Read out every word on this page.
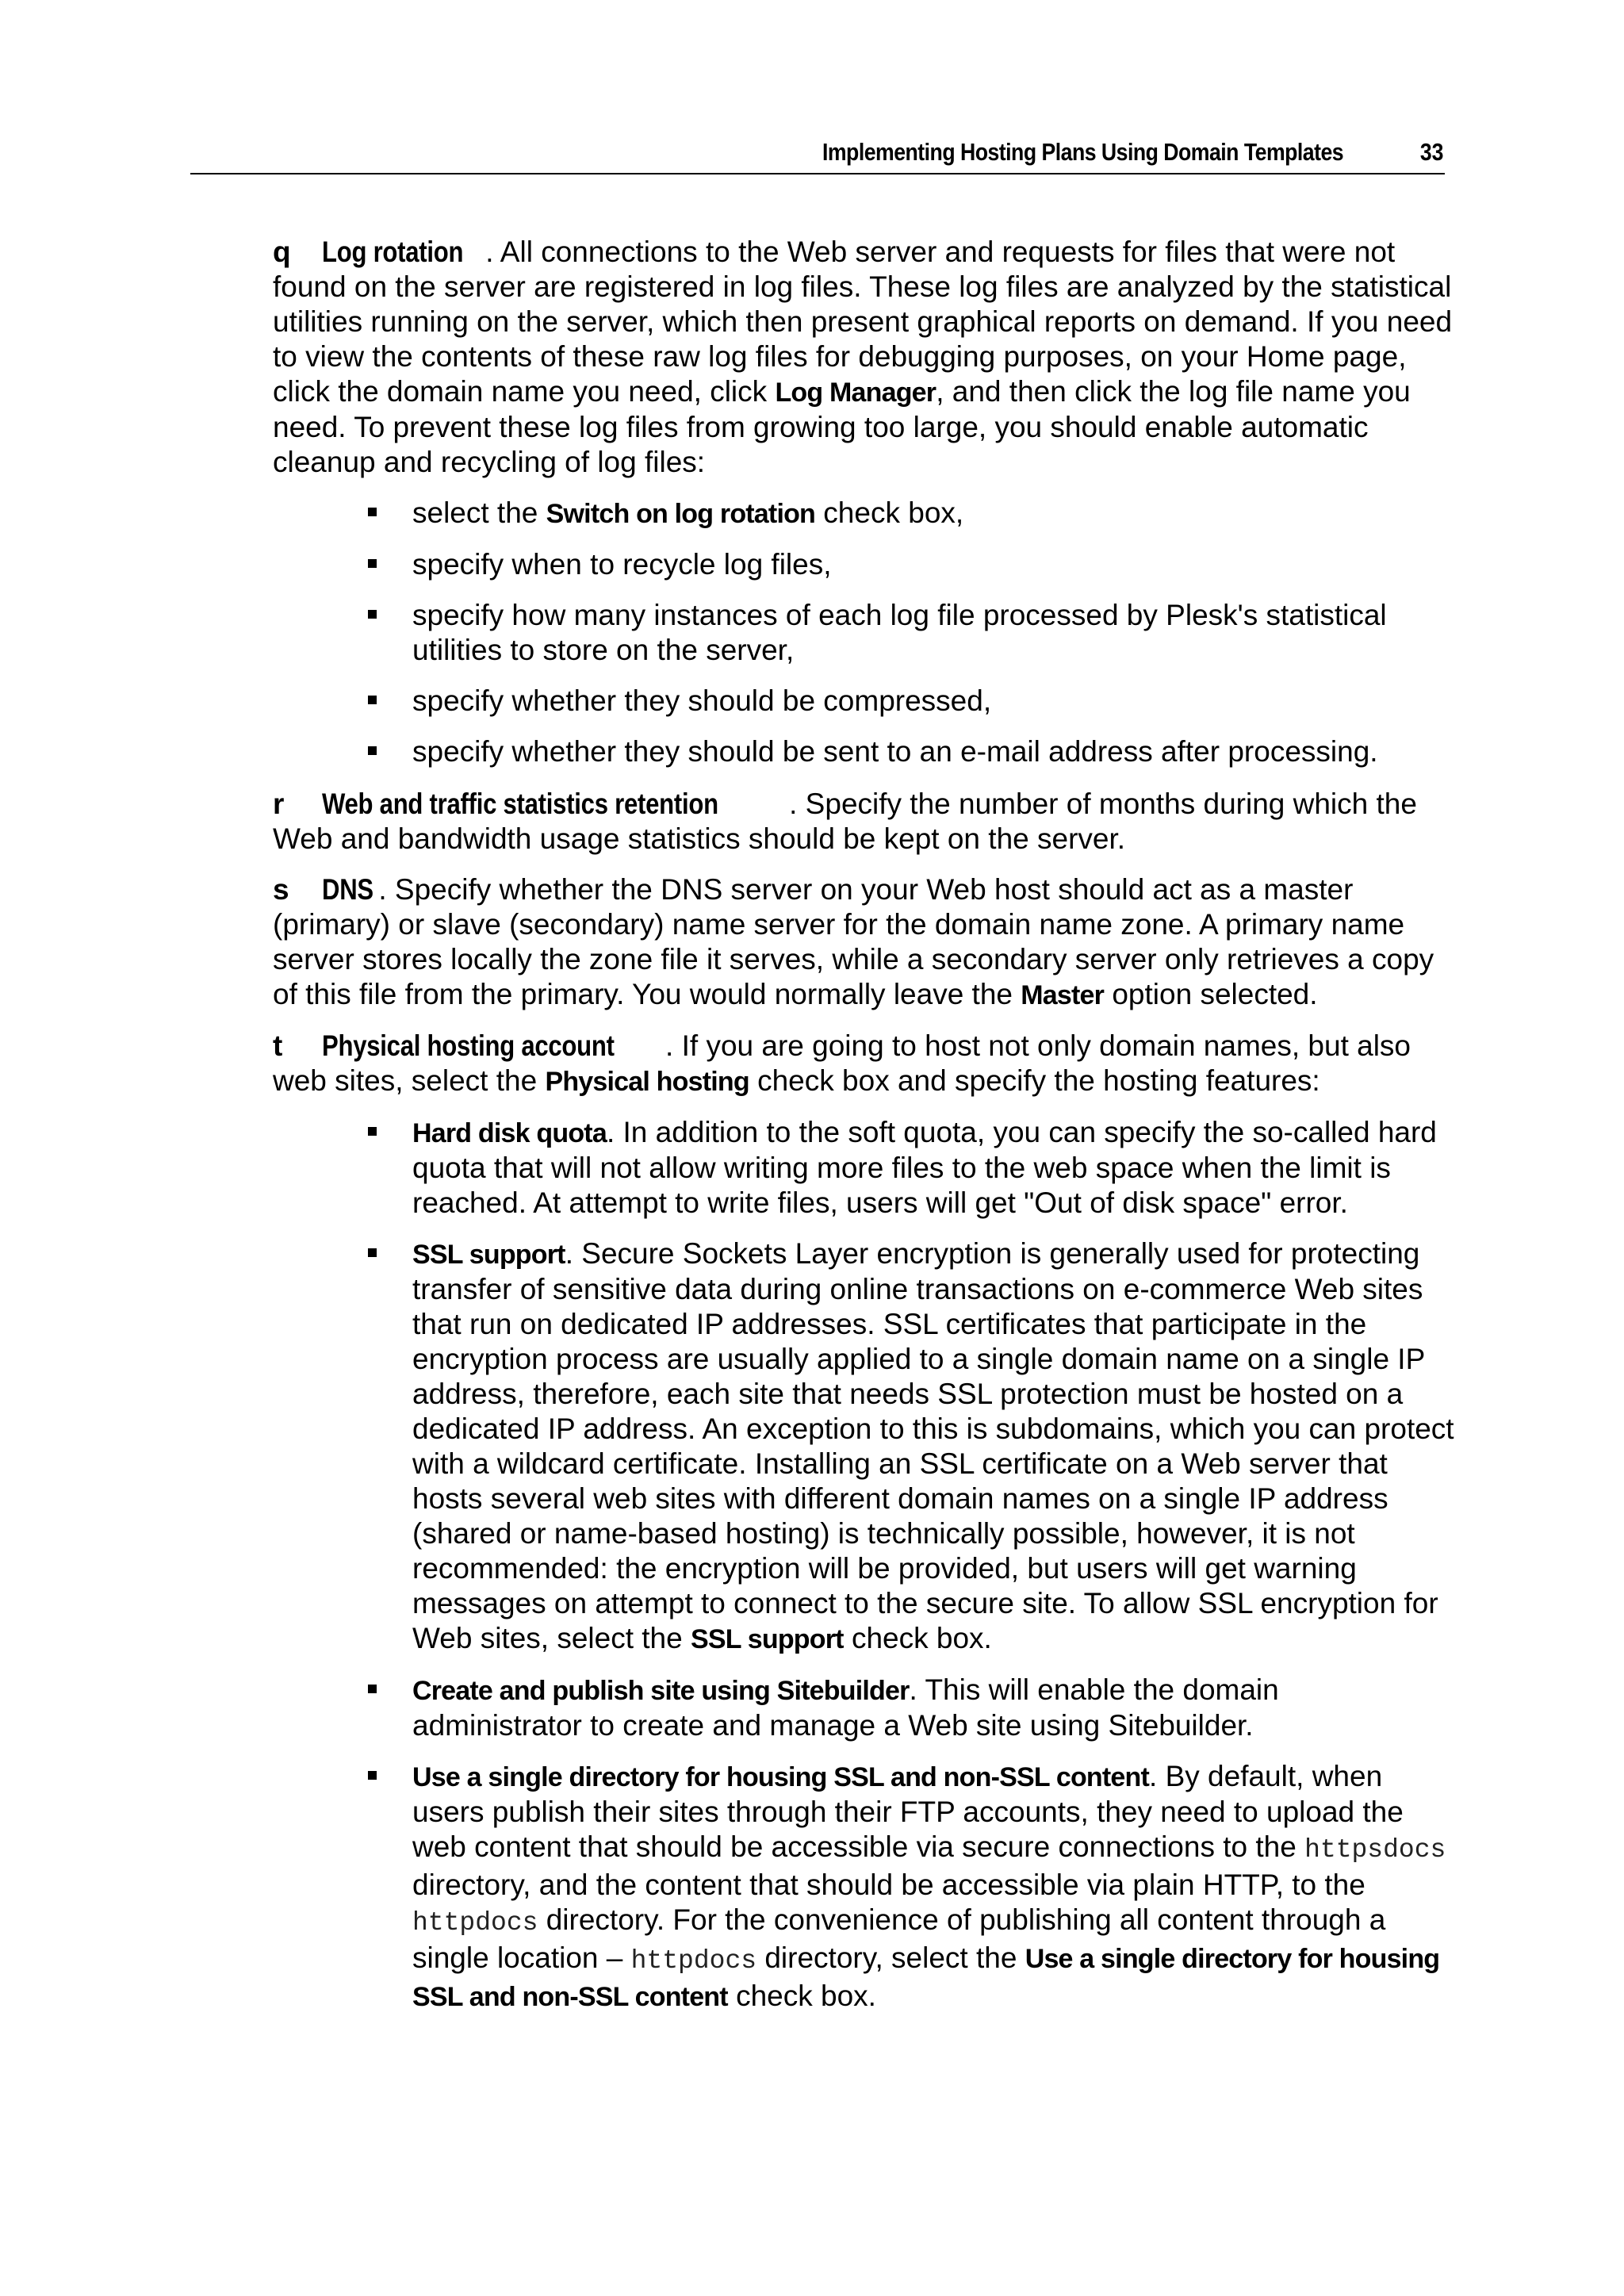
Implementing Hosting Plans Using Domain Templates	33

q Log rotation . All connections to the Web server and requests for files that were not found on the server are registered in log files. These log files are analyzed by the statistical utilities running on the server, which then present graphical reports on demand. If you need to view the contents of these raw log files for debugging purposes, on your Home page, click the domain name you need, click Log Manager, and then click the log file name you need. To prevent these log files from growing too large, you should enable automatic cleanup and recycling of log files:

select the Switch on log rotation check box,
specify when to recycle log files,
specify how many instances of each log file processed by Plesk's statistical utilities to store on the server,
specify whether they should be compressed,
specify whether they should be sent to an e-mail address after processing.

r Web and traffic statistics retention . Specify the number of months during which the Web and bandwidth usage statistics should be kept on the server.

s DNS . Specify whether the DNS server on your Web host should act as a master (primary) or slave (secondary) name server for the domain name zone. A primary name server stores locally the zone file it serves, while a secondary server only retrieves a copy of this file from the primary. You would normally leave the Master option selected.

t Physical hosting account . If you are going to host not only domain names, but also web sites, select the Physical hosting check box and specify the hosting features:

Hard disk quota. In addition to the soft quota, you can specify the so-called hard quota that will not allow writing more files to the web space when the limit is reached. At attempt to write files, users will get "Out of disk space" error.
SSL support. Secure Sockets Layer encryption is generally used for protecting transfer of sensitive data during online transactions on e-commerce Web sites that run on dedicated IP addresses. SSL certificates that participate in the encryption process are usually applied to a single domain name on a single IP address, therefore, each site that needs SSL protection must be hosted on a dedicated IP address. An exception to this is subdomains, which you can protect with a wildcard certificate. Installing an SSL certificate on a Web server that hosts several web sites with different domain names on a single IP address (shared or name-based hosting) is technically possible, however, it is not recommended: the encryption will be provided, but users will get warning messages on attempt to connect to the secure site. To allow SSL encryption for Web sites, select the SSL support check box.
Create and publish site using Sitebuilder. This will enable the domain administrator to create and manage a Web site using Sitebuilder.
Use a single directory for housing SSL and non-SSL content. By default, when users publish their sites through their FTP accounts, they need to upload the web content that should be accessible via secure connections to the httpsdocs directory, and the content that should be accessible via plain HTTP, to the httpdocs directory. For the convenience of publishing all content through a single location – httpdocs directory, select the Use a single directory for housing SSL and non-SSL content check box.
